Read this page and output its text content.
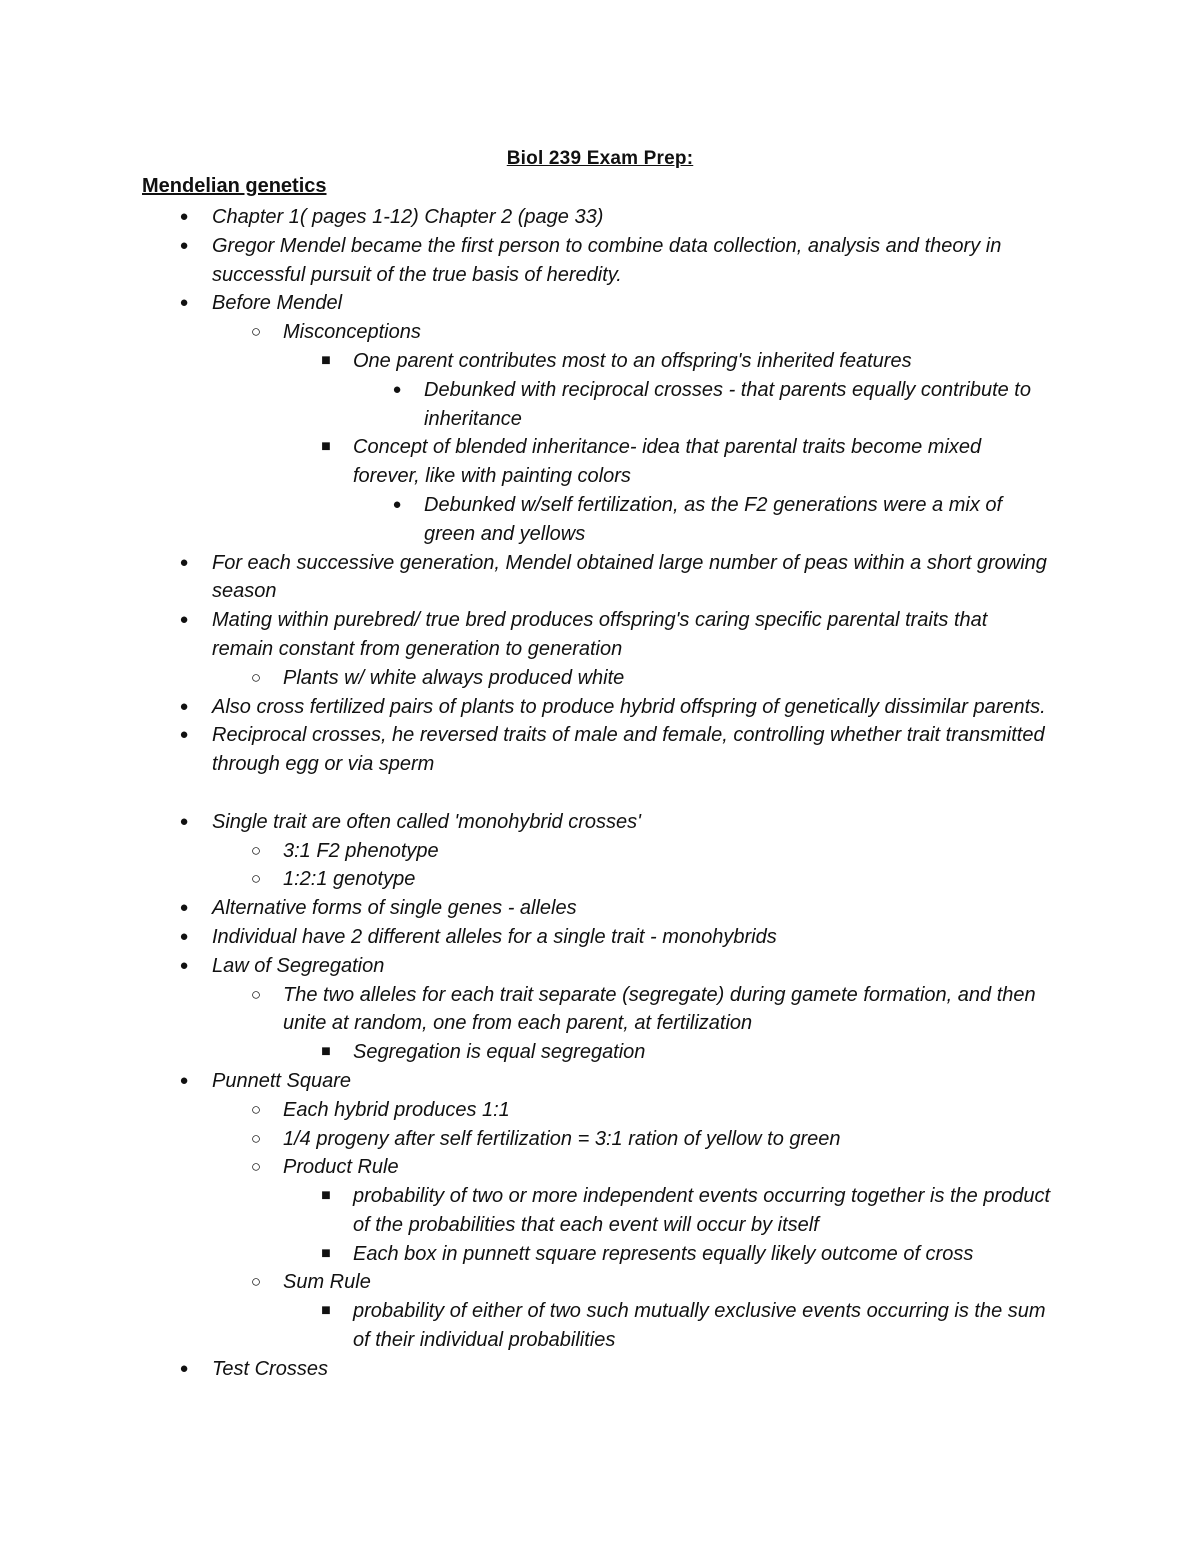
Biol 239 Exam Prep:
Mendelian genetics
● Chapter 1( pages 1-12) Chapter 2 (page 33)
● Gregor Mendel became the first person to combine data collection, analysis and theory in successful pursuit of the true basis of heredity.
● Before Mendel
○ Misconceptions
■ One parent contributes most to an offspring's inherited features
● Debunked with reciprocal crosses - that parents equally contribute to inheritance
■ Concept of blended inheritance- idea that parental traits become mixed forever, like with painting colors
● Debunked w/self fertilization, as the F2 generations were a mix of green and yellows
● For each successive generation, Mendel obtained large number of peas within a short growing season
● Mating within purebred/ true bred produces offspring's caring specific parental traits that remain constant from generation to generation
○ Plants w/ white always produced white
● Also cross fertilized pairs of plants to produce hybrid offspring of genetically dissimilar parents.
● Reciprocal crosses, he reversed traits of male and female, controlling whether trait transmitted through egg or via sperm
● Single trait are often called 'monohybrid crosses'
○ 3:1 F2 phenotype
○ 1:2:1 genotype
● Alternative forms of single genes - alleles
● Individual have 2 different alleles for a single trait - monohybrids
● Law of Segregation
○ The two alleles for each trait separate (segregate) during gamete formation, and then unite at random, one from each parent, at fertilization
■ Segregation is equal segregation
● Punnett Square
○ Each hybrid produces 1:1
○ 1/4 progeny after self fertilization = 3:1 ration of yellow to green
○ Product Rule
■ probability of two or more independent events occurring together is the product of the probabilities that each event will occur by itself
■ Each box in punnett square represents equally likely outcome of cross
○ Sum Rule
■ probability of either of two such mutually exclusive events occurring is the sum of their individual probabilities
● Test Crosses
